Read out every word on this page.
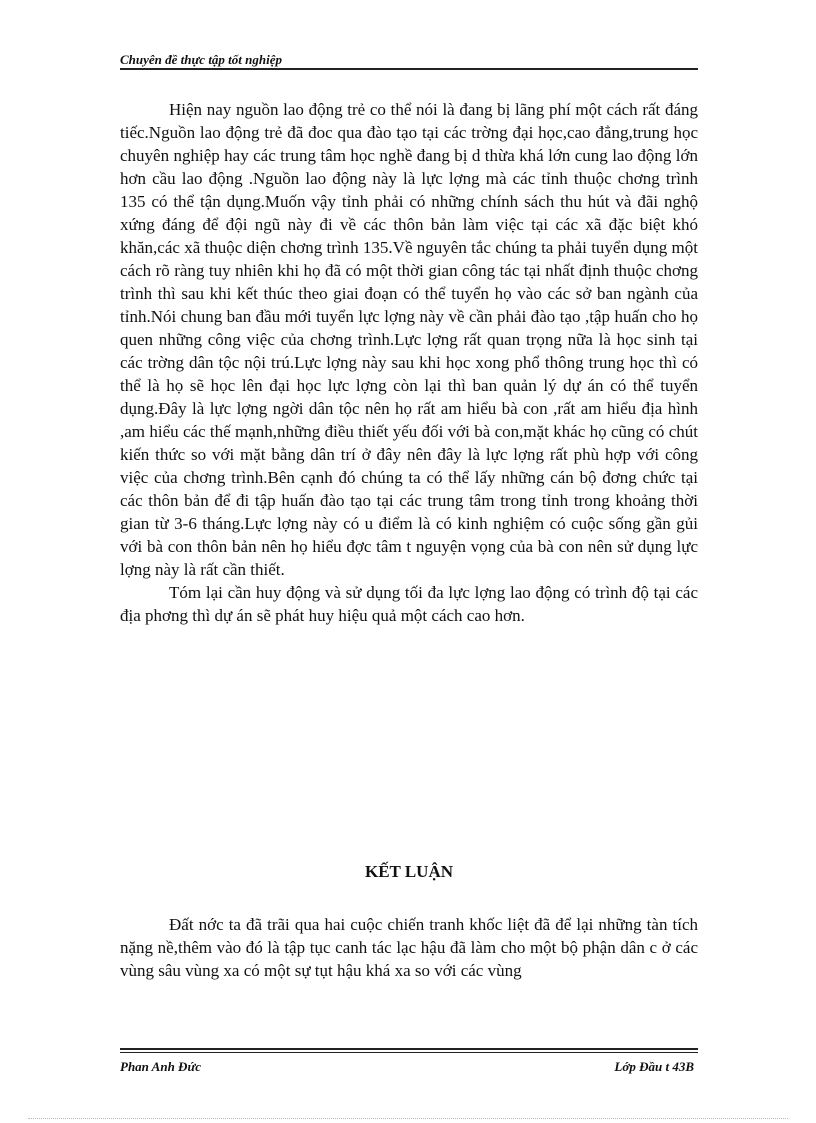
Chuyên đề thực tập tốt nghiệp

Hiện nay nguồn lao động trẻ co thể nói là đang bị lãng phí một cách rất đáng tiếc.Nguồn lao động trẻ đã đoc qua đào tạo tại các trờng đại học,cao đẳng,trung học chuyên nghiệp hay các trung tâm học nghề đang bị d thừa khá lớn cung lao động lớn hơn cầu lao động .Nguồn lao động này là lực lợng mà các tỉnh thuộc chơng trình 135 có thể tận dụng.Muốn vậy tỉnh phải có những chính sách thu hút và đãi nghộ xứng đáng để đội ngũ này đi về các thôn bản làm việc tại các xã đặc biệt khó khăn,các xã thuộc diện chơng trình 135.Về nguyên tắc chúng ta phải tuyển dụng một cách rõ ràng tuy nhiên khi họ đã có một thời gian công tác tại nhất định thuộc chơng trình thì sau khi kết thúc theo giai đoạn có thể tuyển họ vào các sở ban ngành của tỉnh.Nói chung ban đầu mới tuyển lực lợng này về cần phải đào tạo ,tập huấn cho họ quen những công việc của chơng trình.Lực lợng rất quan trọng nữa là học sinh tại các trờng dân tộc nội trú.Lực lợng này sau khi học xong phổ thông trung học thì có thể là họ sẽ học lên đại học lực lợng còn lại thì ban quản lý dự án có thể tuyển dụng.Đây là lực lợng ngời dân tộc nên họ rất am hiểu bà con ,rất am hiểu địa hình ,am hiểu các thế mạnh,những điều thiết yếu đối với bà con,mặt khác họ cũng có chút kiến thức so với mặt bằng dân trí ở đây nên đây là lực lợng rất phù hợp với công việc của chơng trình.Bên cạnh đó chúng ta có thể lấy những cán bộ đơng chức tại các thôn bản để đi tập huấn đào tạo tại các trung tâm trong tỉnh trong khoảng thời gian từ 3-6 tháng.Lực lợng này có u điểm là có kinh nghiệm có cuộc sống gần gủi với bà con thôn bản nên họ hiểu đợc tâm t nguyện vọng của bà con nên sử dụng lực lợng này là rất cần thiết.

Tóm lại cần huy động và sử dụng tối đa lực lợng lao động có trình độ tại các địa phơng thì dự án sẽ phát huy hiệu quả một cách cao hơn.

KẾT LUẬN

Đất nớc ta đã trãi qua hai cuộc chiến tranh khốc liệt đã để lại những tàn tích nặng nề,thêm vào đó là tập tục canh tác lạc hậu đã làm cho một bộ phận dân c ở các vùng sâu vùng xa có một sự tụt hậu khá xa so với các vùng

Phan Anh Đức	Lớp Đầu t 43B
